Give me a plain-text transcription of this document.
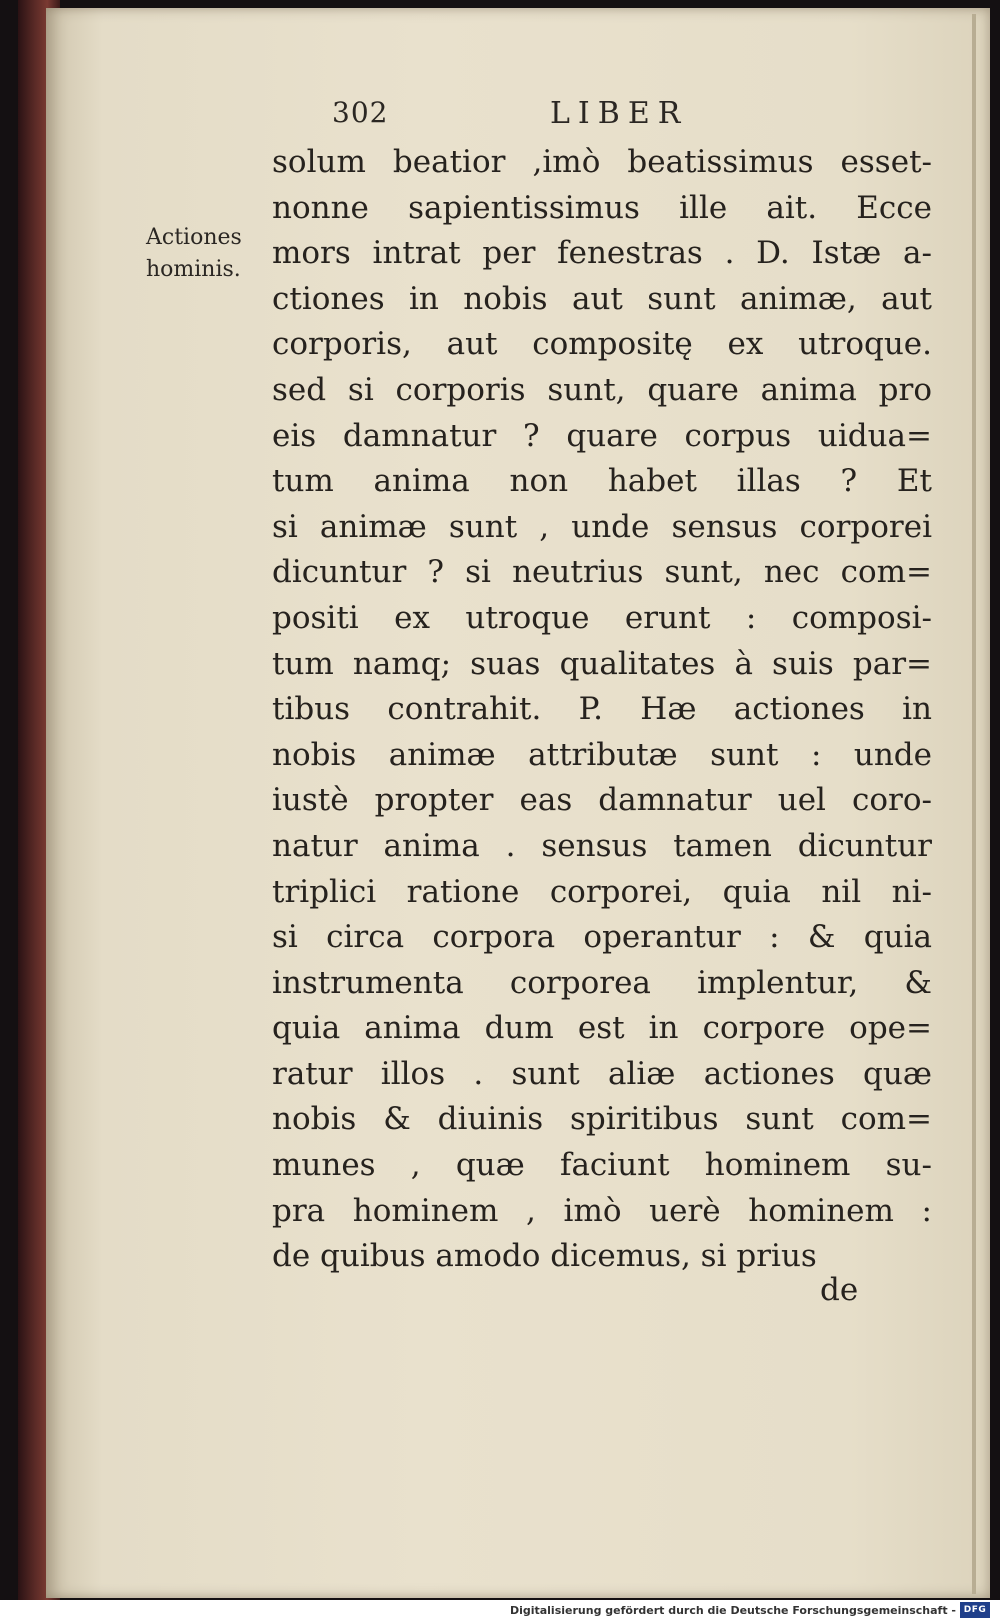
302	LIBER
Actiones
hominis.
solum beatior ,imò beatissimus esset-
nonne sapientissimus ille ait. Ecce
mors intrat per fenestras . D. Istæ a-
ctiones in nobis aut sunt animæ, aut
corporis, aut compositę ex utroque.
sed si corporis sunt, quare anima pro
eis damnatur ? quare corpus uidua=
tum anima non habet illas ? Et
si animæ sunt , unde sensus corporei
dicuntur ? si neutrius sunt, nec com=
positi ex utroque erunt : composi-
tum namq; suas qualitates à suis par=
tibus contrahit. P. Hæ actiones in
nobis animæ attributæ sunt : unde
iustè propter eas damnatur uel coro-
natur anima . sensus tamen dicuntur
triplici ratione corporei, quia nil ni-
si circa corpora operantur : & quia
instrumenta corporea implentur, &
quia anima dum est in corpore ope=
ratur illos . sunt aliæ actiones quæ
nobis & diuinis spiritibus sunt com=
munes , quæ faciunt hominem su-
pra hominem , imò uerè hominem :
de quibus amodo dicemus, si prius
de
Digitalisierung gefördert durch die Deutsche Forschungsgemeinschaft - DFG
